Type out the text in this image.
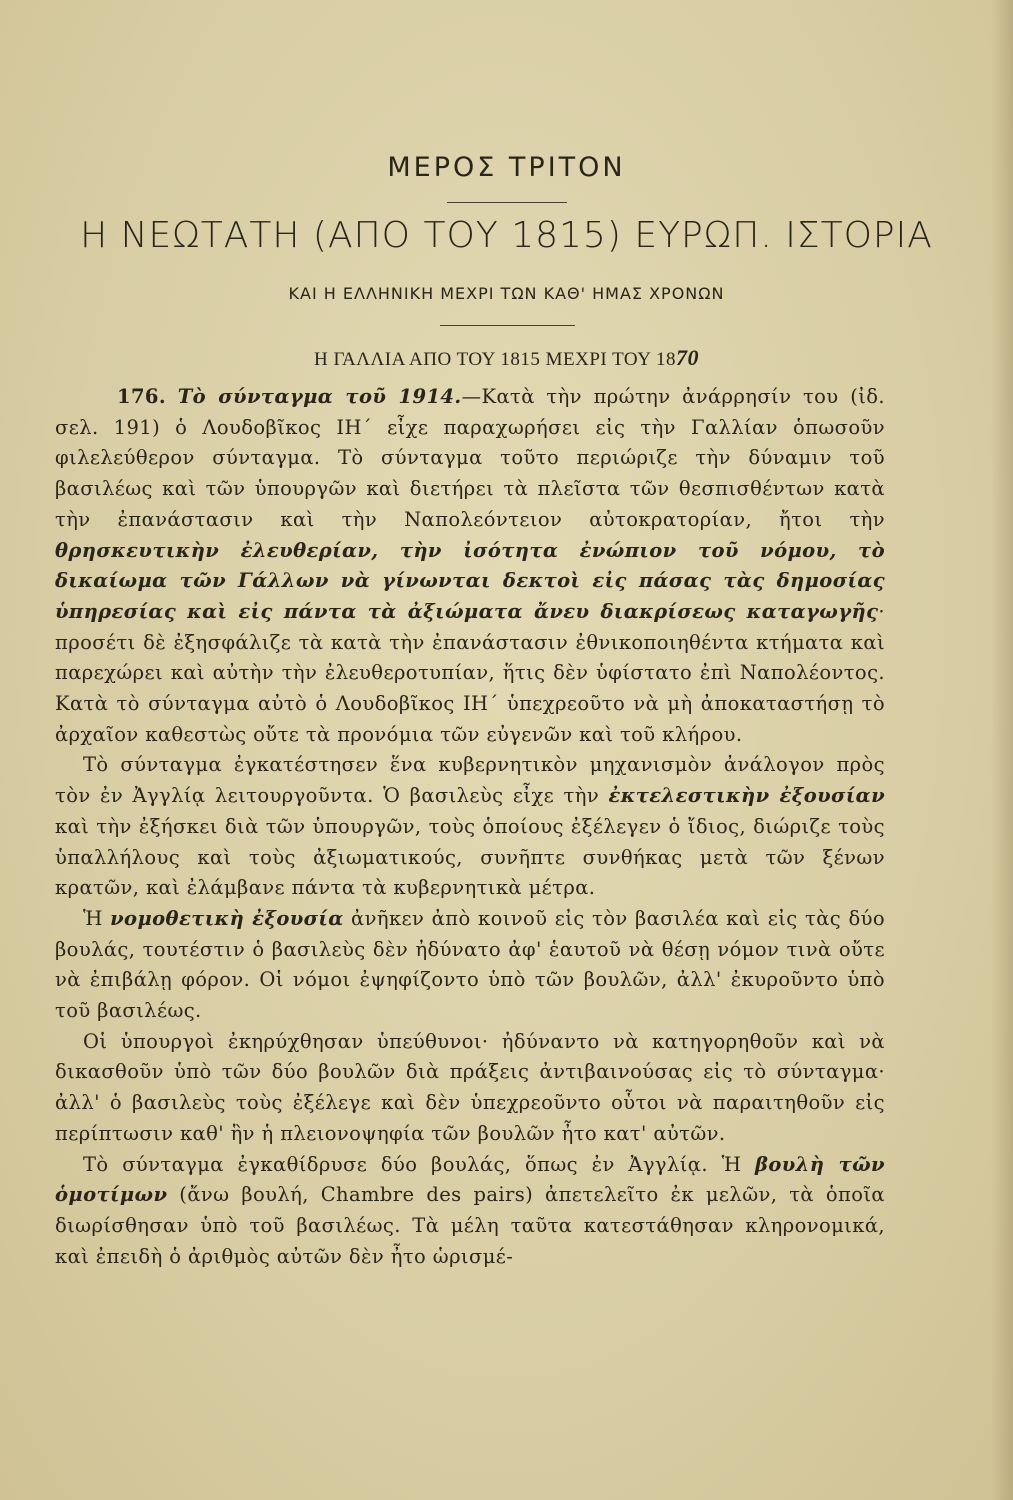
ΜΕΡΟΣ ΤΡΙΤΟΝ
Η ΝΕΩΤΑΤΗ (ΑΠΟ ΤΟΥ 1815) ΕΥΡΩΠ. ΙΣΤΟΡΙΑ
ΚΑΙ Η ΕΛΛΗΝΙΚΗ ΜΕΧΡΙ ΤΩΝ ΚΑΘ' ΗΜΑΣ ΧΡΟΝΩΝ
Η ΓΑΛΛΙΑ ΑΠΟ ΤΟΥ 1815 ΜΕΧΡΙ ΤΟΥ 1870

176. Τὸ σύνταγμα τοῦ 1914.—Κατὰ τὴν πρώτην ἀνάρρησίν του (ἰδ. σελ. 191) ὁ Λουδοβῖκος ΙΗ΄ εἶχε παραχωρήσει εἰς τὴν Γαλλίαν ὁπωσοῦν φιλελεύθερον σύνταγμα. Τὸ σύνταγμα τοῦτο περιώριζε τὴν δύναμιν τοῦ βασιλέως καὶ τῶν ὑπουργῶν καὶ διετήρει τὰ πλεῖστα τῶν θεσπισθέντων κατὰ τὴν ἐπανάστασιν καὶ τὴν Ναπολεόντειον αὐτοκρατορίαν, ἤτοι τὴν θρησκευτικὴν ἐλευθερίαν, τὴν ἰσότητα ἐνώπιον τοῦ νόμου, τὸ δικαίωμα τῶν Γάλλων νὰ γίνωνται δεκτοὶ εἰς πάσας τὰς δημοσίας ὑπηρεσίας καὶ εἰς πάντα τὰ ἀξιώματα ἄνευ διακρίσεως καταγωγῆς· προσέτι δὲ ἐξησφάλιζε τὰ κατὰ τὴν ἐπανάστασιν ἐθνικοποιηθέντα κτήματα καὶ παρεχώρει καὶ αὐτὴν τὴν ἐλευθεροτυπίαν, ἥτις δὲν ὑφίστατο ἐπὶ Ναπολέοντος. Κατὰ τὸ σύνταγμα αὐτὸ ὁ Λουδοβῖκος ΙΗ΄ ὑπεχρεοῦτο νὰ μὴ ἀποκαταστήσῃ τὸ ἀρχαῖον καθεστὼς οὔτε τὰ προνόμια τῶν εὐγενῶν καὶ τοῦ κλήρου.

Τὸ σύνταγμα ἐγκατέστησεν ἕνα κυβερνητικὸν μηχανισμὸν ἀνάλογον πρὸς τὸν ἐν Ἀγγλίᾳ λειτουργοῦντα. Ὁ βασιλεὺς εἶχε τὴν ἐκτελεστικὴν ἐξουσίαν καὶ τὴν ἐξήσκει διὰ τῶν ὑπουργῶν, τοὺς ὁποίους ἐξέλεγεν ὁ ἴδιος, διώριζε τοὺς ὑπαλλήλους καὶ τοὺς ἀξιωματικούς, συνῆπτε συνθήκας μετὰ τῶν ξένων κρατῶν, καὶ ἐλάμβανε πάντα τὰ κυβερνητικὰ μέτρα.

Ἡ νομοθετικὴ ἐξουσία ἀνῆκεν ἀπὸ κοινοῦ εἰς τὸν βασιλέα καὶ εἰς τὰς δύο βουλάς, τουτέστιν ὁ βασιλεὺς δὲν ἠδύνατο ἀφ' ἑαυτοῦ νὰ θέσῃ νόμον τινὰ οὔτε νὰ ἐπιβάλῃ φόρον. Οἱ νόμοι ἐψηφίζοντο ὑπὸ τῶν βουλῶν, ἀλλ' ἐκυροῦντο ὑπὸ τοῦ βασιλέως.

Οἱ ὑπουργοὶ ἐκηρύχθησαν ὑπεύθυνοι· ἠδύναντο νὰ κατηγορηθοῦν καὶ νὰ δικασθοῦν ὑπὸ τῶν δύο βουλῶν διὰ πράξεις ἀντιβαινούσας εἰς τὸ σύνταγμα· ἀλλ' ὁ βασιλεὺς τοὺς ἐξέλεγε καὶ δὲν ὑπεχρεοῦντο οὗτοι νὰ παραιτηθοῦν εἰς περίπτωσιν καθ' ἣν ἡ πλειονοψηφία τῶν βουλῶν ἦτο κατ' αὐτῶν.

Τὸ σύνταγμα ἐγκαθίδρυσε δύο βουλάς, ὅπως ἐν Ἀγγλίᾳ. Ἡ βουλὴ τῶν ὁμοτίμων (ἄνω βουλή, Chambre des pairs) ἀπετελεῖτο ἐκ μελῶν, τὰ ὁποῖα διωρίσθησαν ὑπὸ τοῦ βασιλέως. Τὰ μέλη ταῦτα κατεστάθησαν κληρονομικά, καὶ ἐπειδὴ ὁ ἀριθμὸς αὐτῶν δὲν ἦτο ὡρισμέ-
